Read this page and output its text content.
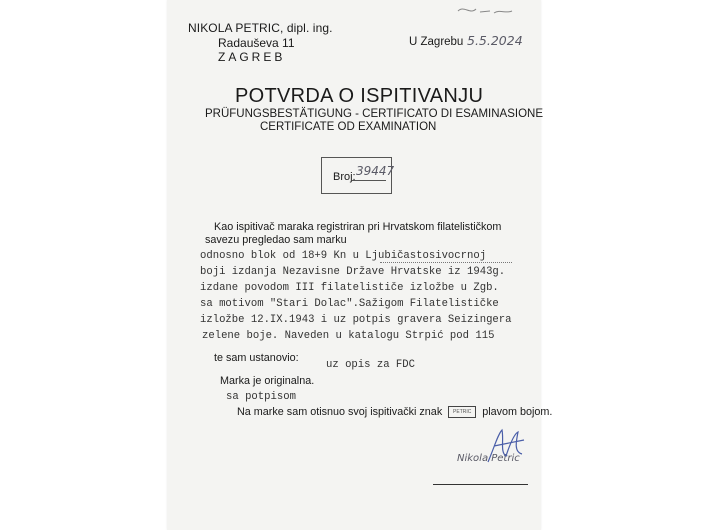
NIKOLA PETRIC, dipl. ing.
Radauševa 11
ZAGREB
U Zagrebu 5.5.2024
POTVRDA O ISPITIVANJU
PRÜFUNGSBESTÄTIGUNG - CERTIFICATO DI ESAMINASIONE
CERTIFICATE OD EXAMINATION
Broj: 39447
Kao ispitivač maraka registriran pri Hrvatskom filatelističkom
savezu pregledao sam marku
odnosno blok od 18+9 Kn u Ljubičastosivocrnoj
boji izdanja Nezavisne Države Hrvatske iz 1943g.
izdane povodom III filatelističe izložbe u Zgb.
sa motivom "Stari Dolac".Sažigom Filatelističke
izložbe 12.IX.1943 i uz potpis gravera Seizingera
zelene boje. Naveden u katalogu Strpić pod 115
uz opis za FDC
te sam ustanovio:
Marka je originalna.
sa potpisom
Na marke sam otisnuo svoj ispitivački znak PETRIC plavom bojom.
Nikola Petric
